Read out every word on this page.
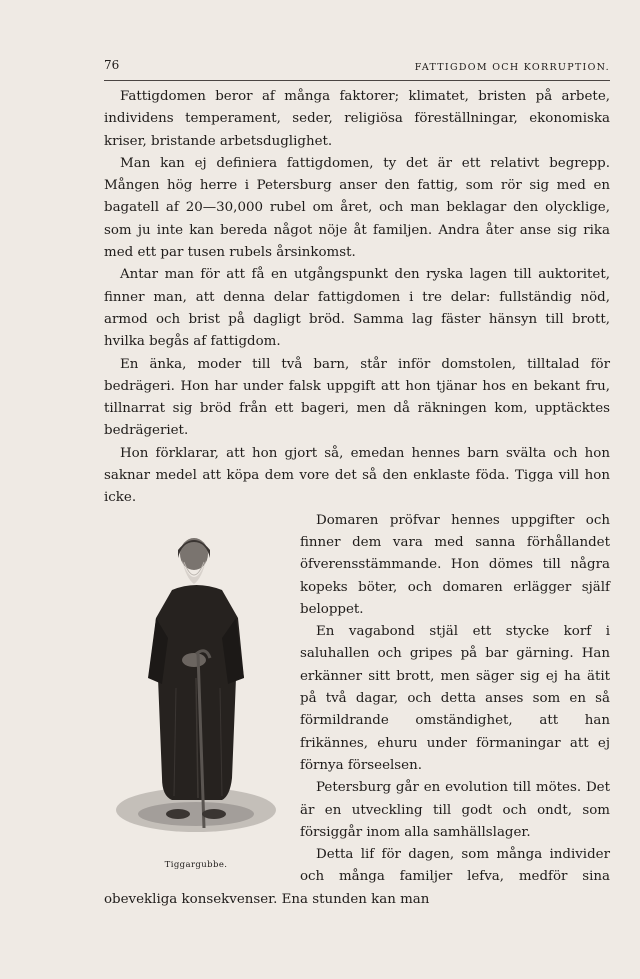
76	FATTIGDOM OCH KORRUPTION.

Fattigdomen beror af många faktorer; klimatet, bristen på arbete, individens temperament, seder, religiösa föreställningar, ekonomiska kriser, bristande arbetsduglighet.

Man kan ej definiera fattigdomen, ty det är ett relativt begrepp. Mången hög herre i Petersburg anser den fattig, som rör sig med en bagatell af 20—30,000 rubel om året, och man beklagar den olycklige, som ju inte kan bereda något nöje åt familjen. Andra åter anse sig rika med ett par tusen rubels årsinkomst.

Antar man för att få en utgångspunkt den ryska lagen till auktoritet, finner man, att denna delar fattigdomen i tre delar: fullständig nöd, armod och brist på dagligt bröd. Samma lag fäster hänsyn till brott, hvilka begås af fattigdom.

En änka, moder till två barn, står inför domstolen, tilltalad för bedrägeri. Hon har under falsk uppgift att hon tjänar hos en bekant fru, tillnarrat sig bröd från ett bageri, men då räkningen kom, upptäcktes bedrägeriet.

Hon förklarar, att hon gjort så, emedan hennes barn svälta och hon saknar medel att köpa dem vore det så den enklaste föda. Tigga vill hon icke.

Tiggargubbe.

Domaren pröfvar hennes uppgifter och finner dem vara med sanna förhållandet öfverensstämmande. Hon dömes till några kopeks böter, och domaren erlägger själf beloppet.

En vagabond stjäl ett stycke korf i saluhallen och gripes på bar gärning. Han erkänner sitt brott, men säger sig ej ha ätit på två dagar, och detta anses som en så förmildrande omständighet, att han frikännes, ehuru under förmaningar att ej förnya förseelsen.

Petersburg går en evolution till mötes. Det är en utveckling till godt och ondt, som försiggår inom alla samhällslager.

Detta lif för dagen, som många individer och många familjer lefva, medför sina obevekliga konsekvenser. Ena stunden kan man
